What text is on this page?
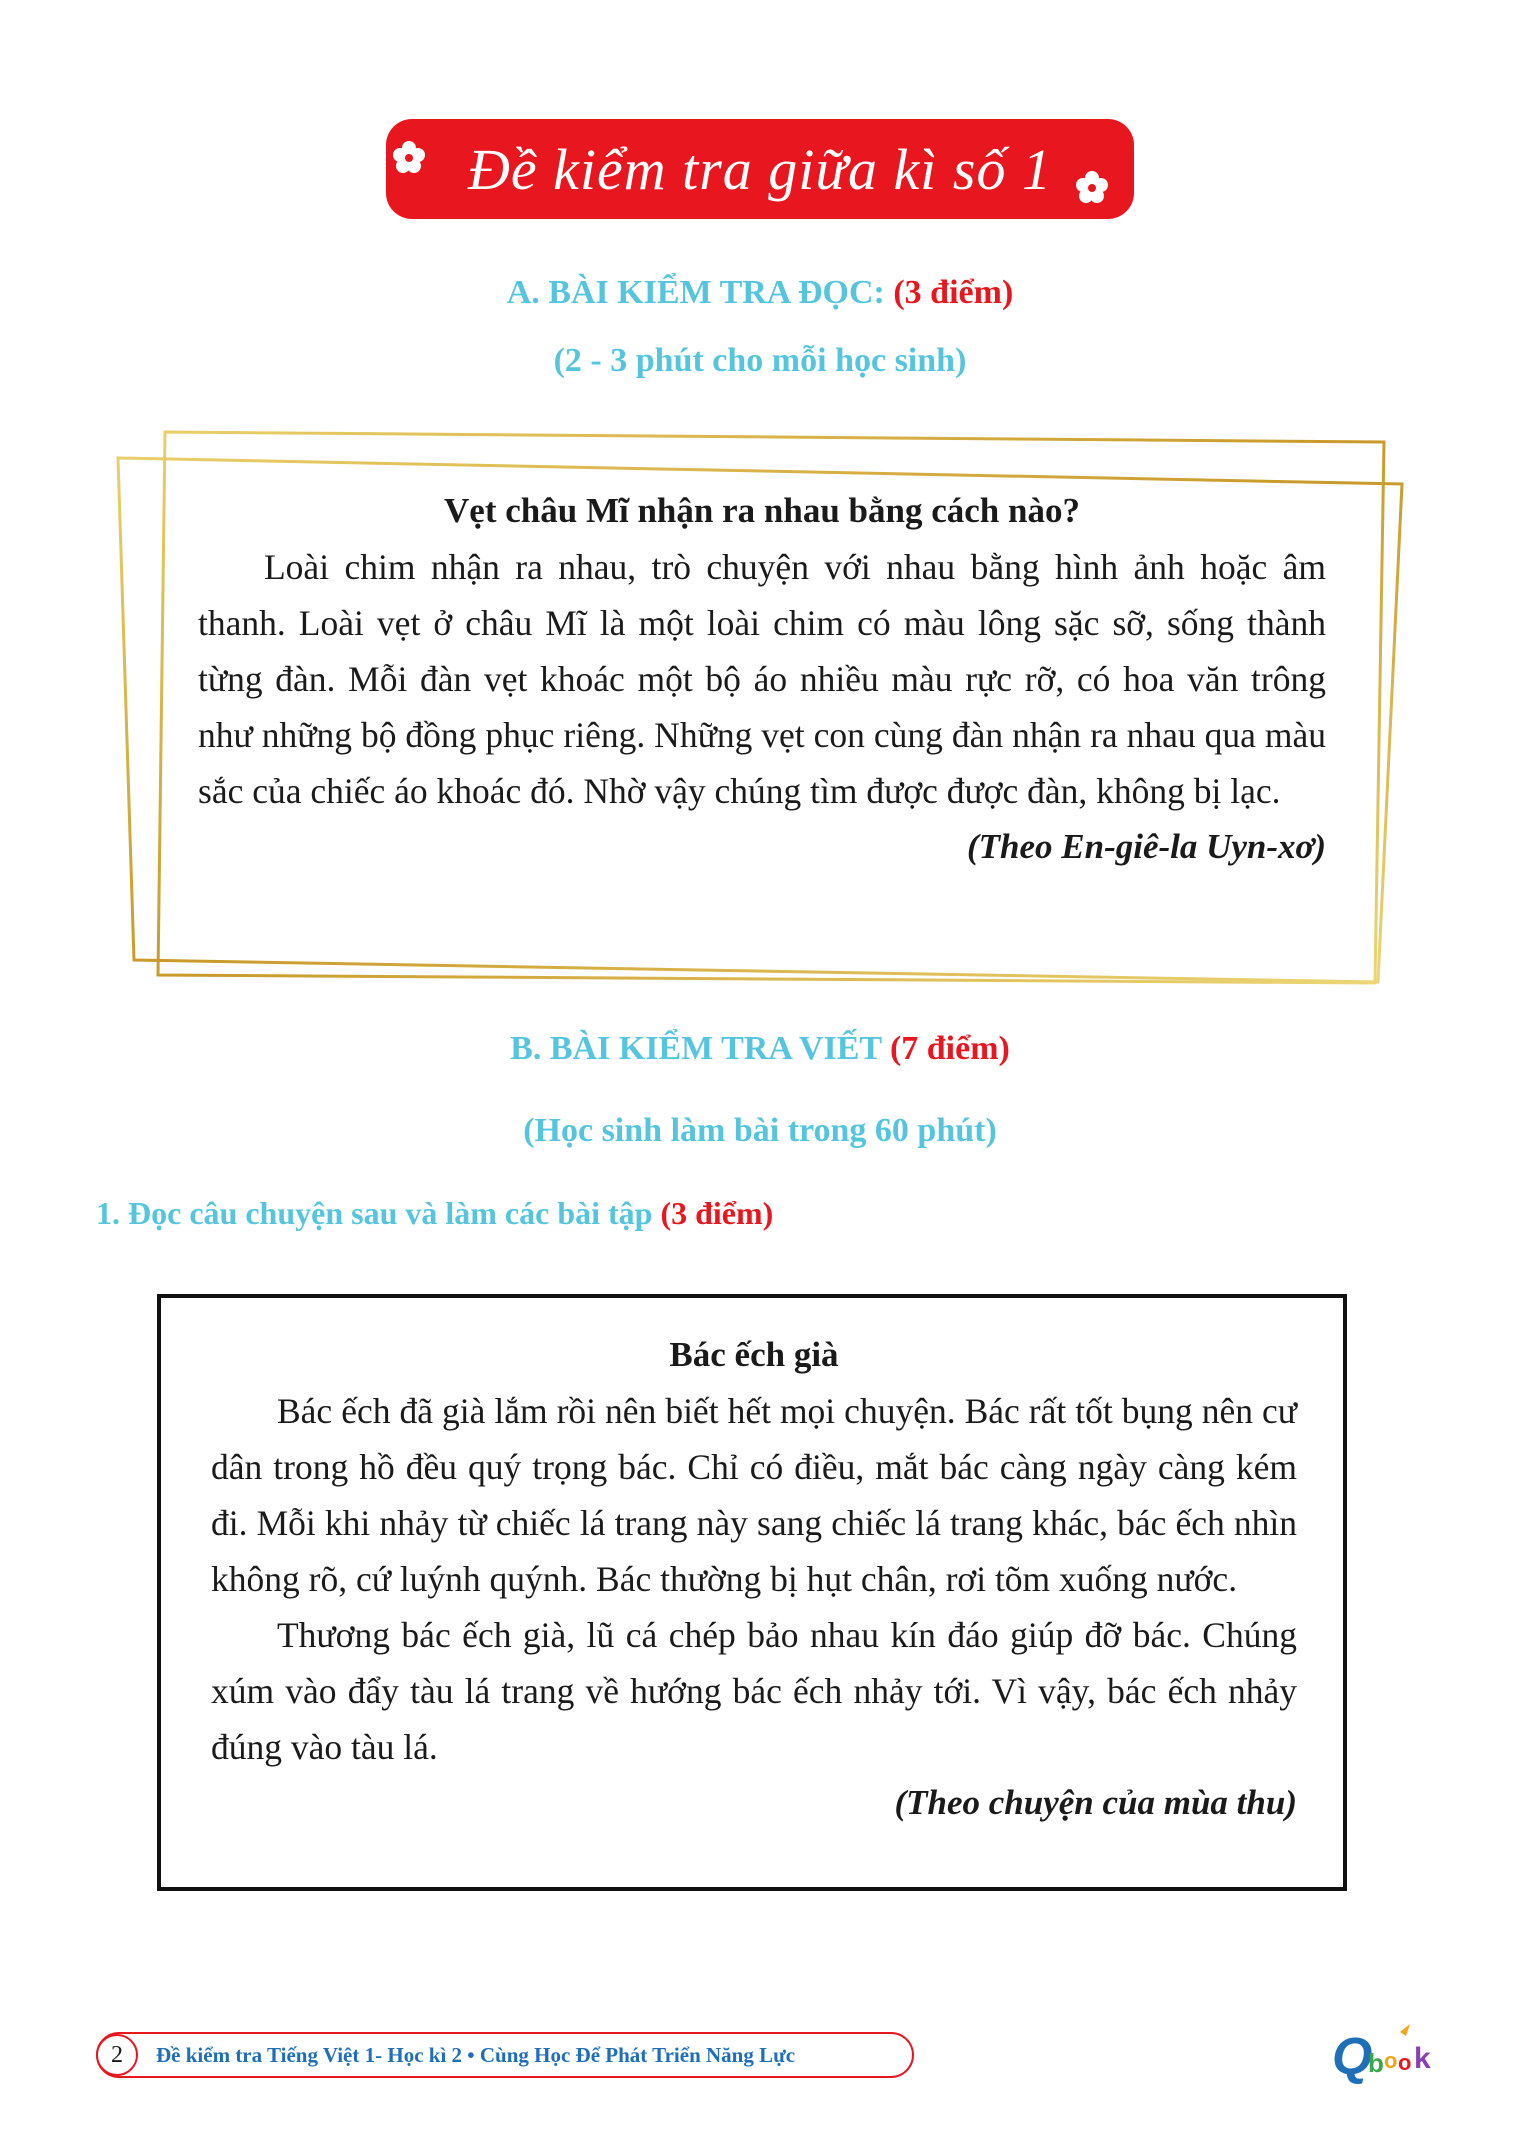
Đề kiểm tra giữa kì số 1
A. BÀI KIỂM TRA ĐỌC: (3 điểm)
(2 - 3 phút cho mỗi học sinh)
Vẹt châu Mĩ nhận ra nhau bằng cách nào?

Loài chim nhận ra nhau, trò chuyện với nhau bằng hình ảnh hoặc âm thanh. Loài vẹt ở châu Mĩ là một loài chim có màu lông sặc sỡ, sống thành từng đàn. Mỗi đàn vẹt khoác một bộ áo nhiều màu rực rỡ, có hoa văn trông như những bộ đồng phục riêng. Những vẹt con cùng đàn nhận ra nhau qua màu sắc của chiếc áo khoác đó. Nhờ vậy chúng tìm được được đàn, không bị lạc.

(Theo En-giê-la Uyn-xơ)
B. BÀI KIỂM TRA VIẾT (7 điểm)
(Học sinh làm bài trong 60 phút)
1. Đọc câu chuyện sau và làm các bài tập (3 điểm)
Bác ếch già

Bác ếch đã già lắm rồi nên biết hết mọi chuyện. Bác rất tốt bụng nên cư dân trong hồ đều quý trọng bác. Chỉ có điều, mắt bác càng ngày càng kém đi. Mỗi khi nhảy từ chiếc lá trang này sang chiếc lá trang khác, bác ếch nhìn không rõ, cứ luýnh quýnh. Bác thường bị hụt chân, rơi tõm xuống nước.

Thương bác ếch già, lũ cá chép bảo nhau kín đáo giúp đỡ bác. Chúng xúm vào đẩy tàu lá trang về hướng bác ếch nhảy tới. Vì vậy, bác ếch nhảy đúng vào tàu lá.

(Theo chuyện của mùa thu)
2	Đề kiểm tra Tiếng Việt 1- Học kì 2 • Cùng Học Để Phát Triển Năng Lực	Q
b o o k
